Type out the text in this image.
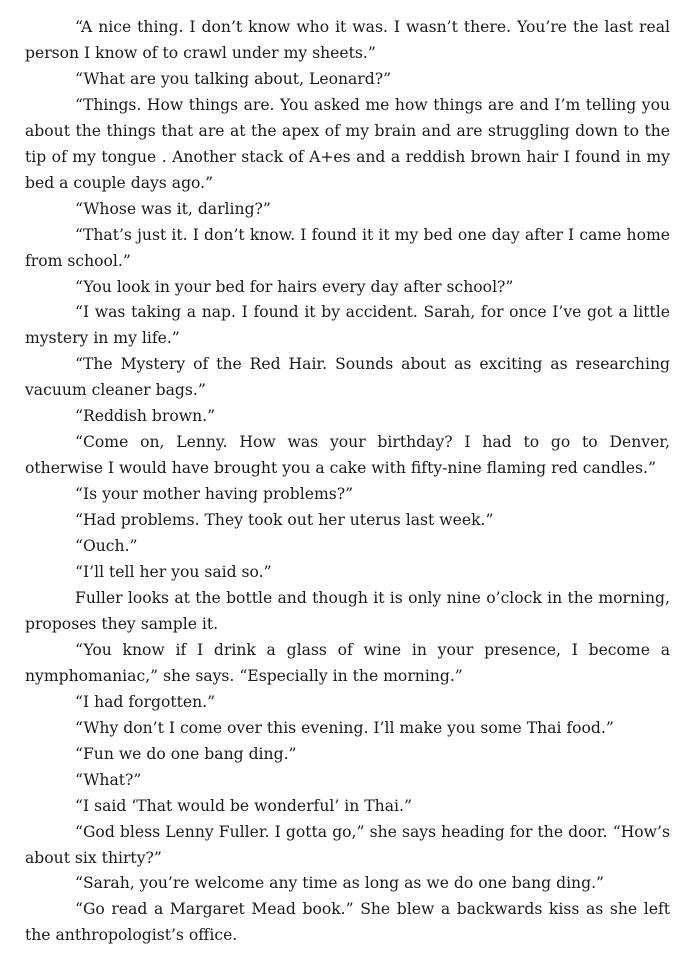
“A nice thing. I don’t know who it was. I wasn’t there. You’re the last real person I know of to crawl under my sheets.”

“What are you talking about, Leonard?”

“Things. How things are. You asked me how things are and I’m telling you about the things that are at the apex of my brain and are struggling down to the tip of my tongue . Another stack of A+es and a reddish brown hair I found in my bed a couple days ago.”

“Whose was it, darling?”

“That’s just it. I don’t know. I found it it my bed one day after I came home from school.”

“You look in your bed for hairs every day after school?”

“I was taking a nap. I found it by accident. Sarah, for once I’ve got a little mystery in my life.”

“The Mystery of the Red Hair. Sounds about as exciting as researching vacuum cleaner bags.”

“Reddish brown.”

“Come on, Lenny. How was your birthday? I had to go to Denver, otherwise I would have brought you a cake with fifty-nine flaming red candles.”

“Is your mother having problems?”

“Had problems. They took out her uterus last week.”

“Ouch.”

“I’ll tell her you said so.”

Fuller looks at the bottle and though it is only nine o’clock in the morning, proposes they sample it.

“You know if I drink a glass of wine in your presence, I become a nymphomaniac,” she says. “Especially in the morning.”

“I had forgotten.”

“Why don’t I come over this evening. I’ll make you some Thai food.”

“Fun we do one bang ding.”

“What?”

“I said ‘That would be wonderful’ in Thai.”

“God bless Lenny Fuller. I gotta go,” she says heading for the door. “How’s about six thirty?”

“Sarah, you’re welcome any time as long as we do one bang ding.”

“Go read a Margaret Mead book.” She blew a backwards kiss as she left the anthropologist’s office.
